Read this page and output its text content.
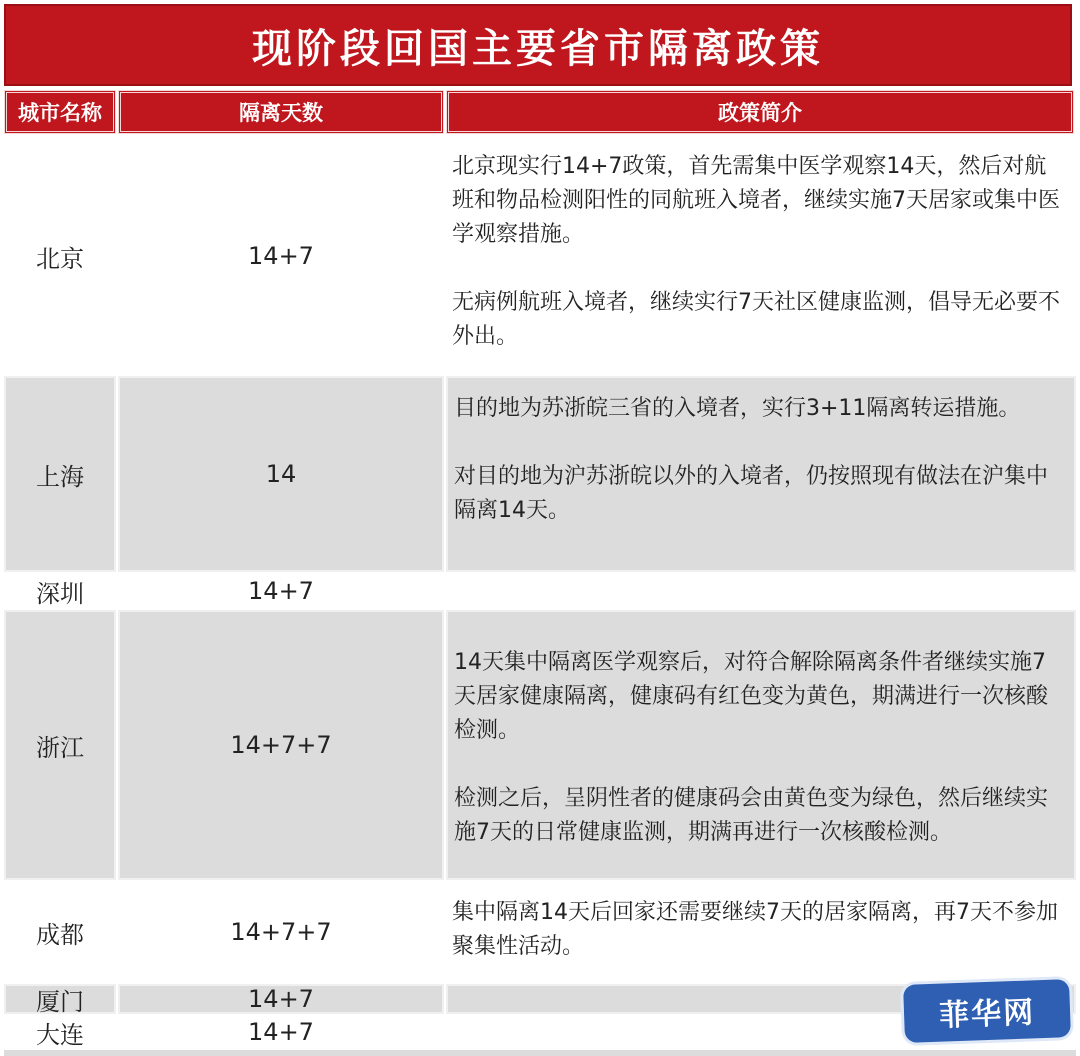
现阶段回国主要省市隔离政策
城市名称	隔离天数	政策简介
北京	14+7

北京现实行14+7政策，首先需集中医学观察14天，然后对航班和物品检测阳性的同航班入境者，继续实施7天居家或集中医学观察措施。

无病例航班入境者，继续实行7天社区健康监测，倡导无必要不外出。

上海	14

目的地为苏浙皖三省的入境者，实行3+11隔离转运措施。

对目的地为沪苏浙皖以外的入境者，仍按照现有做法在沪集中隔离14天。

深圳	14+7
浙江	14+7+7

14天集中隔离医学观察后，对符合解除隔离条件者继续实施7天居家健康隔离，健康码有红色变为黄色，期满进行一次核酸检测。

检测之后，呈阴性者的健康码会由黄色变为绿色，然后继续实施7天的日常健康监测，期满再进行一次核酸检测。

成都	14+7+7

集中隔离14天后回家还需要继续7天的居家隔离，再7天不参加聚集性活动。

厦门	14+7
大连	14+7	菲华网
